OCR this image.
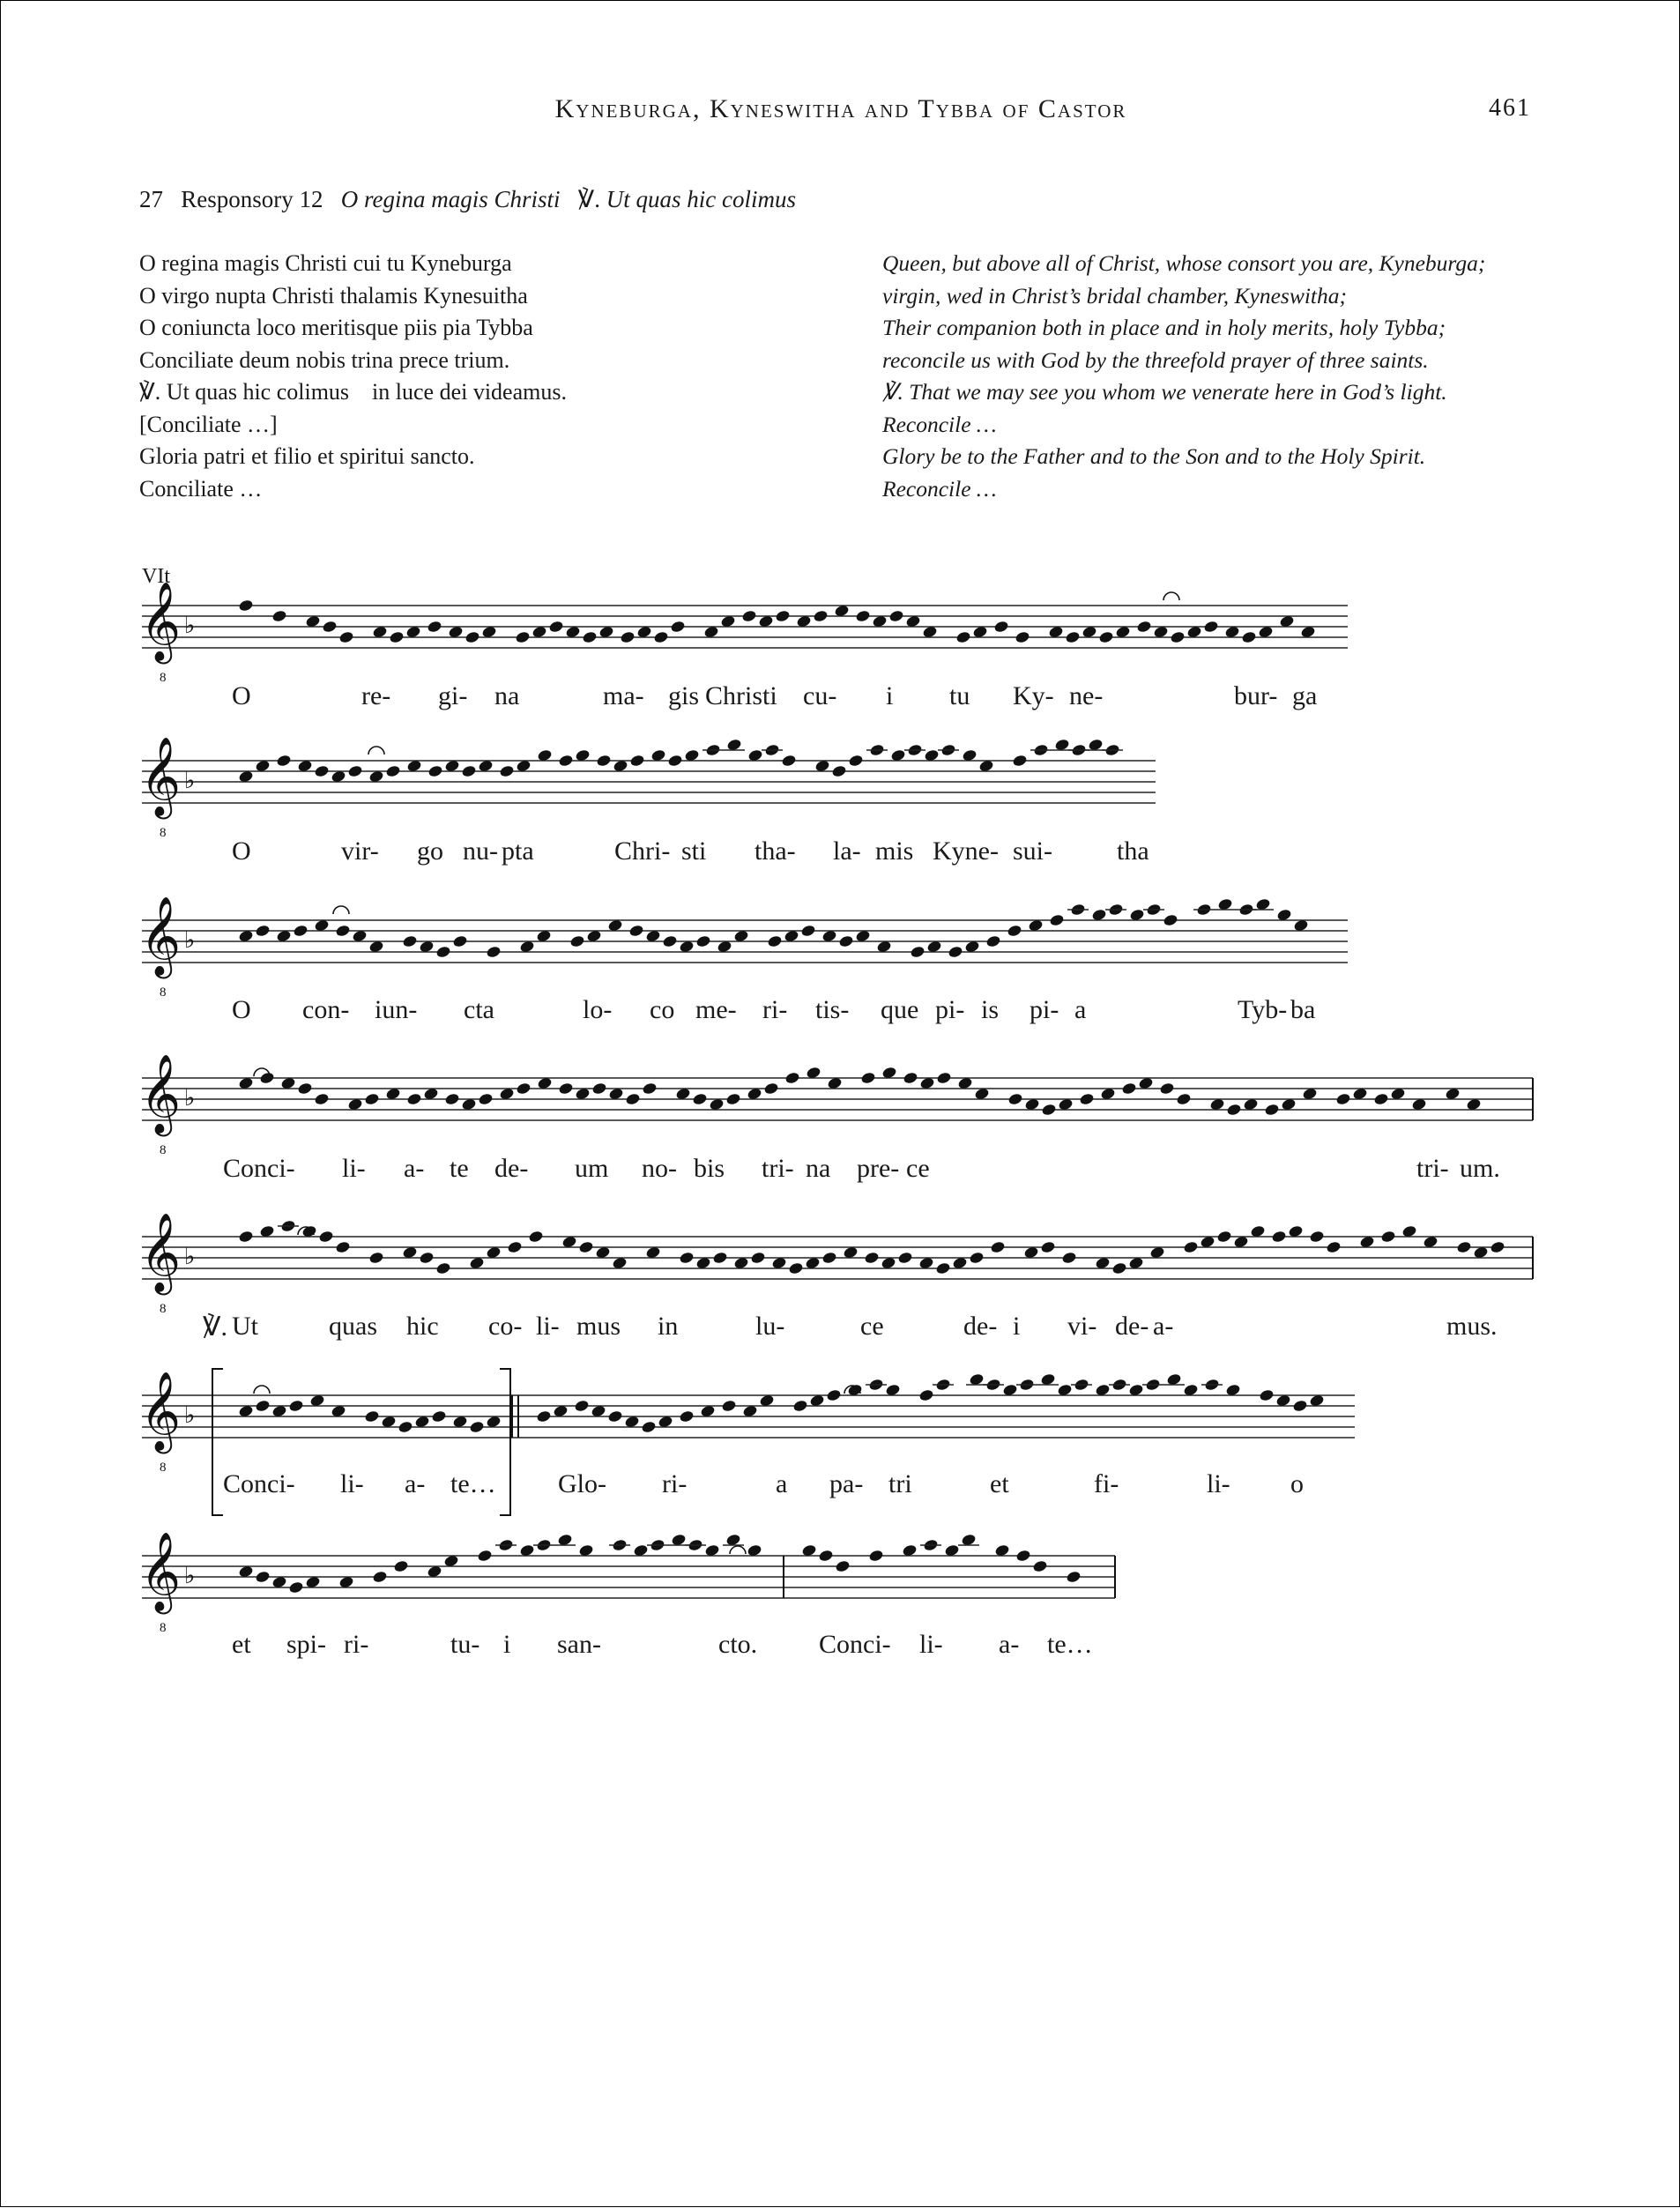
Kyneburga, Kyneswitha and Tybba of Castor	461
27 Responsory 12 O regina magis Christi ℣. Ut quas hic colimus
O regina magis Christi cui tu Kyneburga
O virgo nupta Christi thalamis Kynesuitha
O coniuncta loco meritisque piis pia Tybba
Conciliate deum nobis trina prece trium.
℣. Ut quas hic colimus    in luce dei videamus.
[Conciliate …]
Gloria patri et filio et spiritui sancto.
Conciliate …
Queen, but above all of Christ, whose consort you are, Kyneburga;
virgin, wed in Christ’s bridal chamber, Kyneswitha;
Their companion both in place and in holy merits, holy Tybba;
reconcile us with God by the threefold prayer of three saints.
℣. That we may see you whom we venerate here in God’s light.
Reconcile …
Glory be to the Father and to the Son and to the Holy Spirit.
Reconcile …
VIt
𝄞
8
♭
𝄞
8
♭
𝄞
8
♭
𝄞
8
♭
𝄞
8
♭
𝄞
8
♭
𝄞
8
♭
O	re- gi- na	ma- gis Christi cu- i tu Ky- ne-	bur- ga
O	vir- go nu- pta	Chri- sti tha- la- mis Kyne- sui- tha
O con- iun- cta	lo- co me- ri- tis- que pi- is pi- a	Tyb- ba
Conci- li- a- te de- um no- bis tri- na pre- ce	tri- um.
℣. Ut	quas hic co- li- mus in	lu-	ce	de- i vi- de- a-	mus.
Conci- li- a- te… Glo- ri-	a pa- tri	et	fi-	li- o
et spi- ri-	tu- i san-	cto. Conci- li- a- te…
